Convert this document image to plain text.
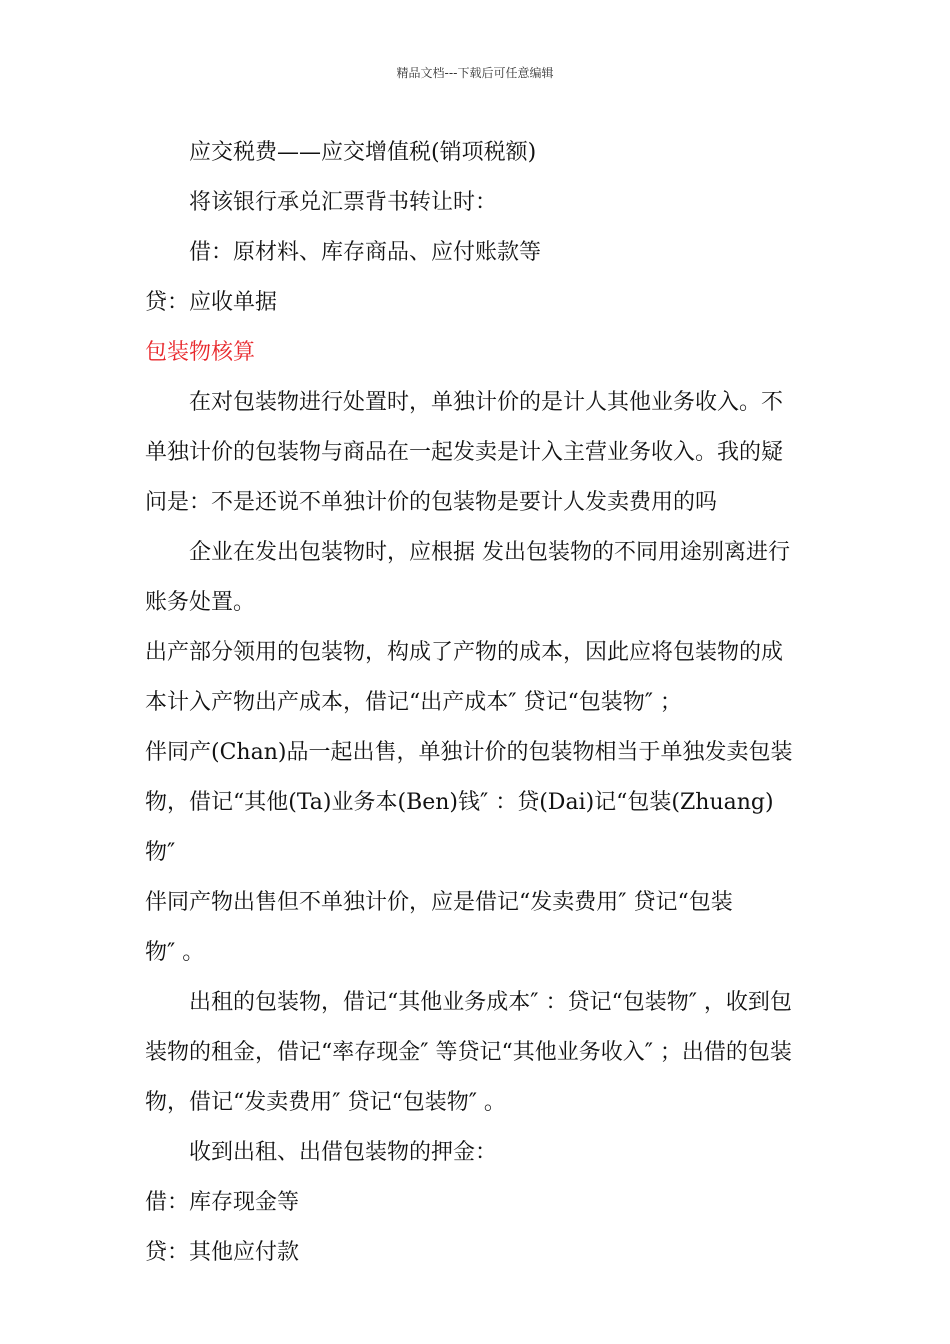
精品文档---下载后可任意编辑

应交税费——应交增值税(销项税额)

将该银行承兑汇票背书转让时：

借：原材料、库存商品、应付账款等

贷：应收单据

包装物核算

在对包装物进行处置时，单独计价的是计人其他业务收入。不单独计价的包装物与商品在一起发卖是计入主营业务收入。我的疑问是：不是还说不单独计价的包装物是要计人发卖费用的吗

企业在发出包装物时，应根据 发出包装物的不同用途别离进行账务处置。

出产部分领用的包装物，构成了产物的成本，因此应将包装物的成本计入产物出产成本，借记“出产成本″ 贷记“包装物″ ；

伴同产(Chan)品一起出售，单独计价的包装物相当于单独发卖包装物，借记“其他(Ta)业务本(Ben)钱″ ：贷(Dai)记“包装(Zhuang)物″

伴同产物出售但不单独计价，应是借记“发卖费用″ 贷记“包装物″ 。

出租的包装物，借记“其他业务成本″ ：贷记“包装物″ ，收到包装物的租金，借记“率存现金″ 等贷记“其他业务收入″ ；出借的包装物，借记“发卖费用″ 贷记“包装物″ 。

收到出租、出借包装物的押金：

借：库存现金等

贷：其他应付款
